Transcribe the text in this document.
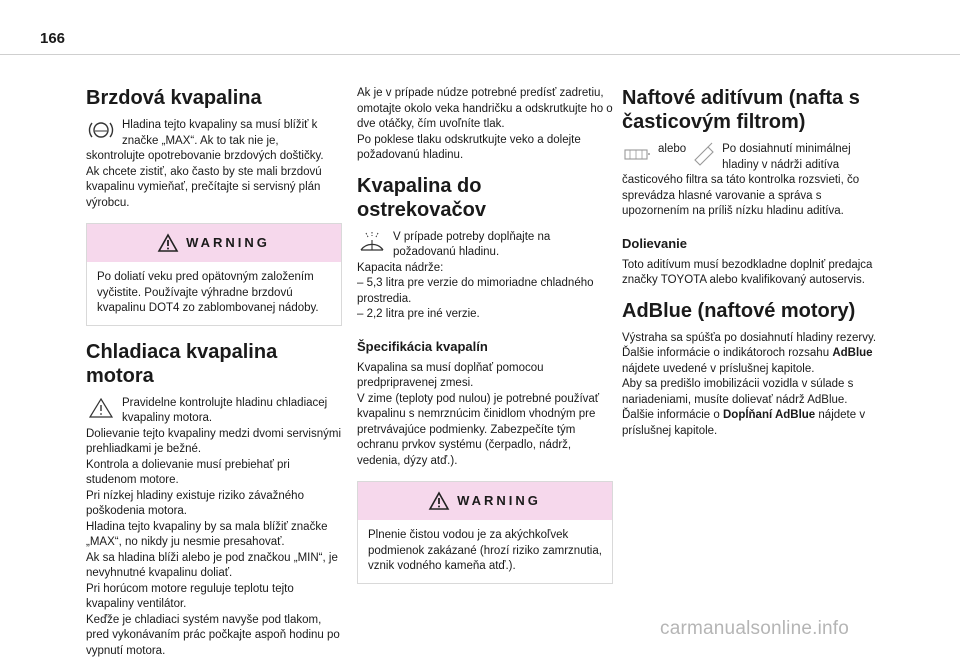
166
Brzdová kvapalina

Hladina tejto kvapaliny sa musí blížiť k značke „MAX“. Ak to tak nie je,

skontrolujte opotrebovanie brzdových doštičky.

Ak chcete zistiť, ako často by ste mali brzdovú kvapalinu vymieňať, prečítajte si servisný plán výrobcu.

WARNING
Po doliatí veku pred opätovným založením vyčistite. Používajte výhradne brzdovú kvapalinu DOT4 zo zablombovanej nádoby.
Chladiaca kvapalina motora

Pravidelne kontrolujte hladinu chladiacej kvapaliny motora.

Dolievanie tejto kvapaliny medzi dvomi servisnými prehliadkami je bežné.

Kontrola a dolievanie musí prebiehať pri studenom motore.

Pri nízkej hladiny existuje riziko závažného poškodenia motora.

Hladina tejto kvapaliny by sa mala blížiť značke „MAX“, no nikdy ju nesmie presahovať.

Ak sa hladina blíži alebo je pod značkou „MIN“, je nevyhnutné kvapalinu doliať.

Pri horúcom motore reguluje teplotu tejto kvapaliny ventilátor.

Keďže je chladiaci systém navyše pod tlakom, pred vykonávaním prác počkajte aspoň hodinu po vypnutí motora.

Ak je v prípade núdze potrebné predísť zadretiu, omotajte okolo veka handričku a odskrutkujte ho o dve otáčky, čím uvoľníte tlak.

Po poklese tlaku odskrutkujte veko a dolejte požadovanú hladinu.

Kvapalina do ostrekovačov

V prípade potreby doplňajte na požadovanú hladinu.

Kapacita nádrže:

– 5,3 litra pre verzie do mimoriadne chladného prostredia.

– 2,2 litra pre iné verzie.

Špecifikácia kvapalín

Kvapalina sa musí doplňať pomocou predpripravenej zmesi.

V zime (teploty pod nulou) je potrebné používať kvapalinu s nemrznúcim činidlom vhodným pre pretrvávajúce podmienky. Zabezpečíte tým ochranu prvkov systému (čerpadlo, nádrž, vedenia, dýzy atď.).

WARNING
Plnenie čistou vodou je za akýchkoľvek podmienok zakázané (hrozí riziko zamrznutia, vznik vodného kameňa atď.).
Naftové aditívum (nafta s časticovým filtrom)
alebo	Po dosiahnutí minimálnej hladiny v nádrži aditíva

časticového filtra sa táto kontrolka rozsvieti, čo sprevádza hlasné varovanie a správa s upozornením na príliš nízku hladinu aditíva.

Dolievanie

Toto aditívum musí bezodkladne doplniť predajca značky TOYOTA alebo kvalifikovaný autoservis.

AdBlue (naftové motory)

Výstraha sa spúšťa po dosiahnutí hladiny rezervy.

Ďalšie informácie o indikátoroch rozsahu AdBlue nájdete uvedené v príslušnej kapitole.

Aby sa predišlo imobilizácii vozidla v súlade s nariadeniami, musíte dolievať nádrž AdBlue.

Ďalšie informácie o Dopĺňaní AdBlue nájdete v príslušnej kapitole.

carmanualsonline.info
